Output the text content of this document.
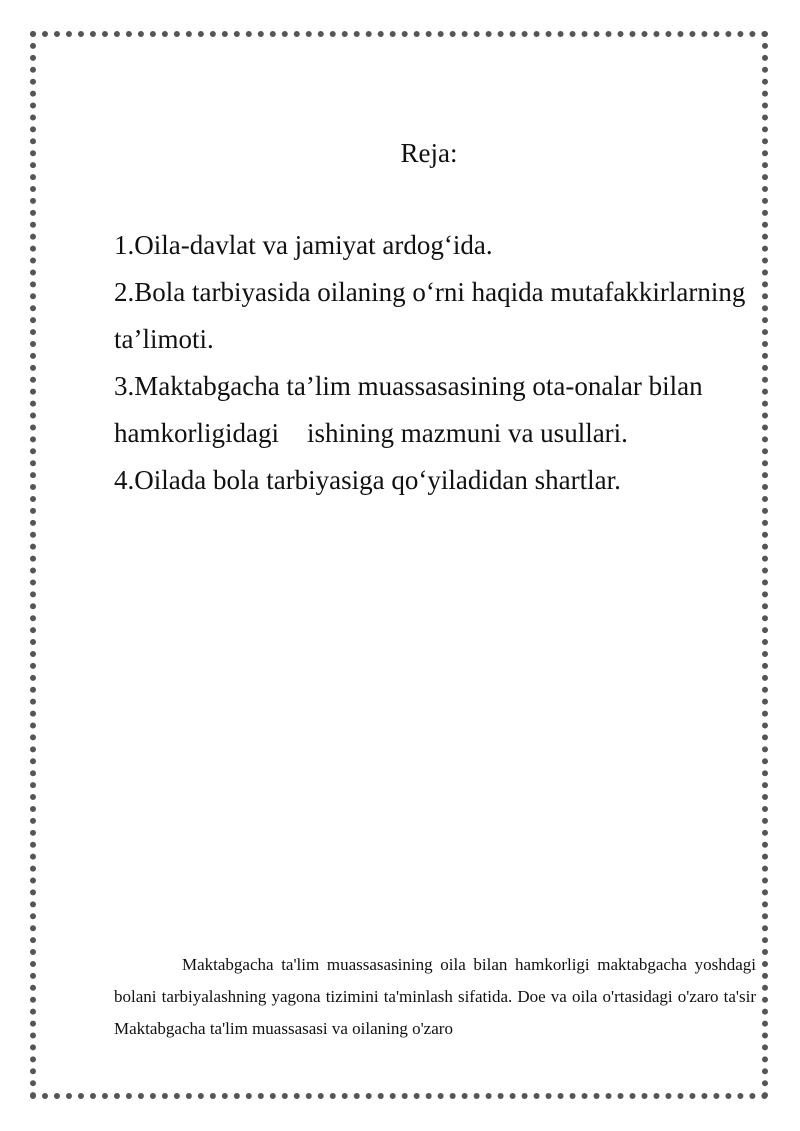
Reja:
1.Oila-davlat va jamiyat ardog‘ida.
2.Bola tarbiyasida oilaning o‘rni haqida mutafakkirlarning ta’limoti.
3.Maktabgacha ta’lim muassasasining ota-onalar bilan hamkorligidagi ishining mazmuni va usullari.
4.Oilada bola tarbiyasiga qo‘yiladidan shartlar.

Maktabgacha ta'lim muassasasining oila bilan hamkorligi maktabgacha yoshdagi bolani tarbiyalashning yagona tizimini ta'minlash sifatida. Doe va oila o'rtasidagi o'zaro ta'sir Maktabgacha ta'lim muassasasi va oilaning o'zaro
